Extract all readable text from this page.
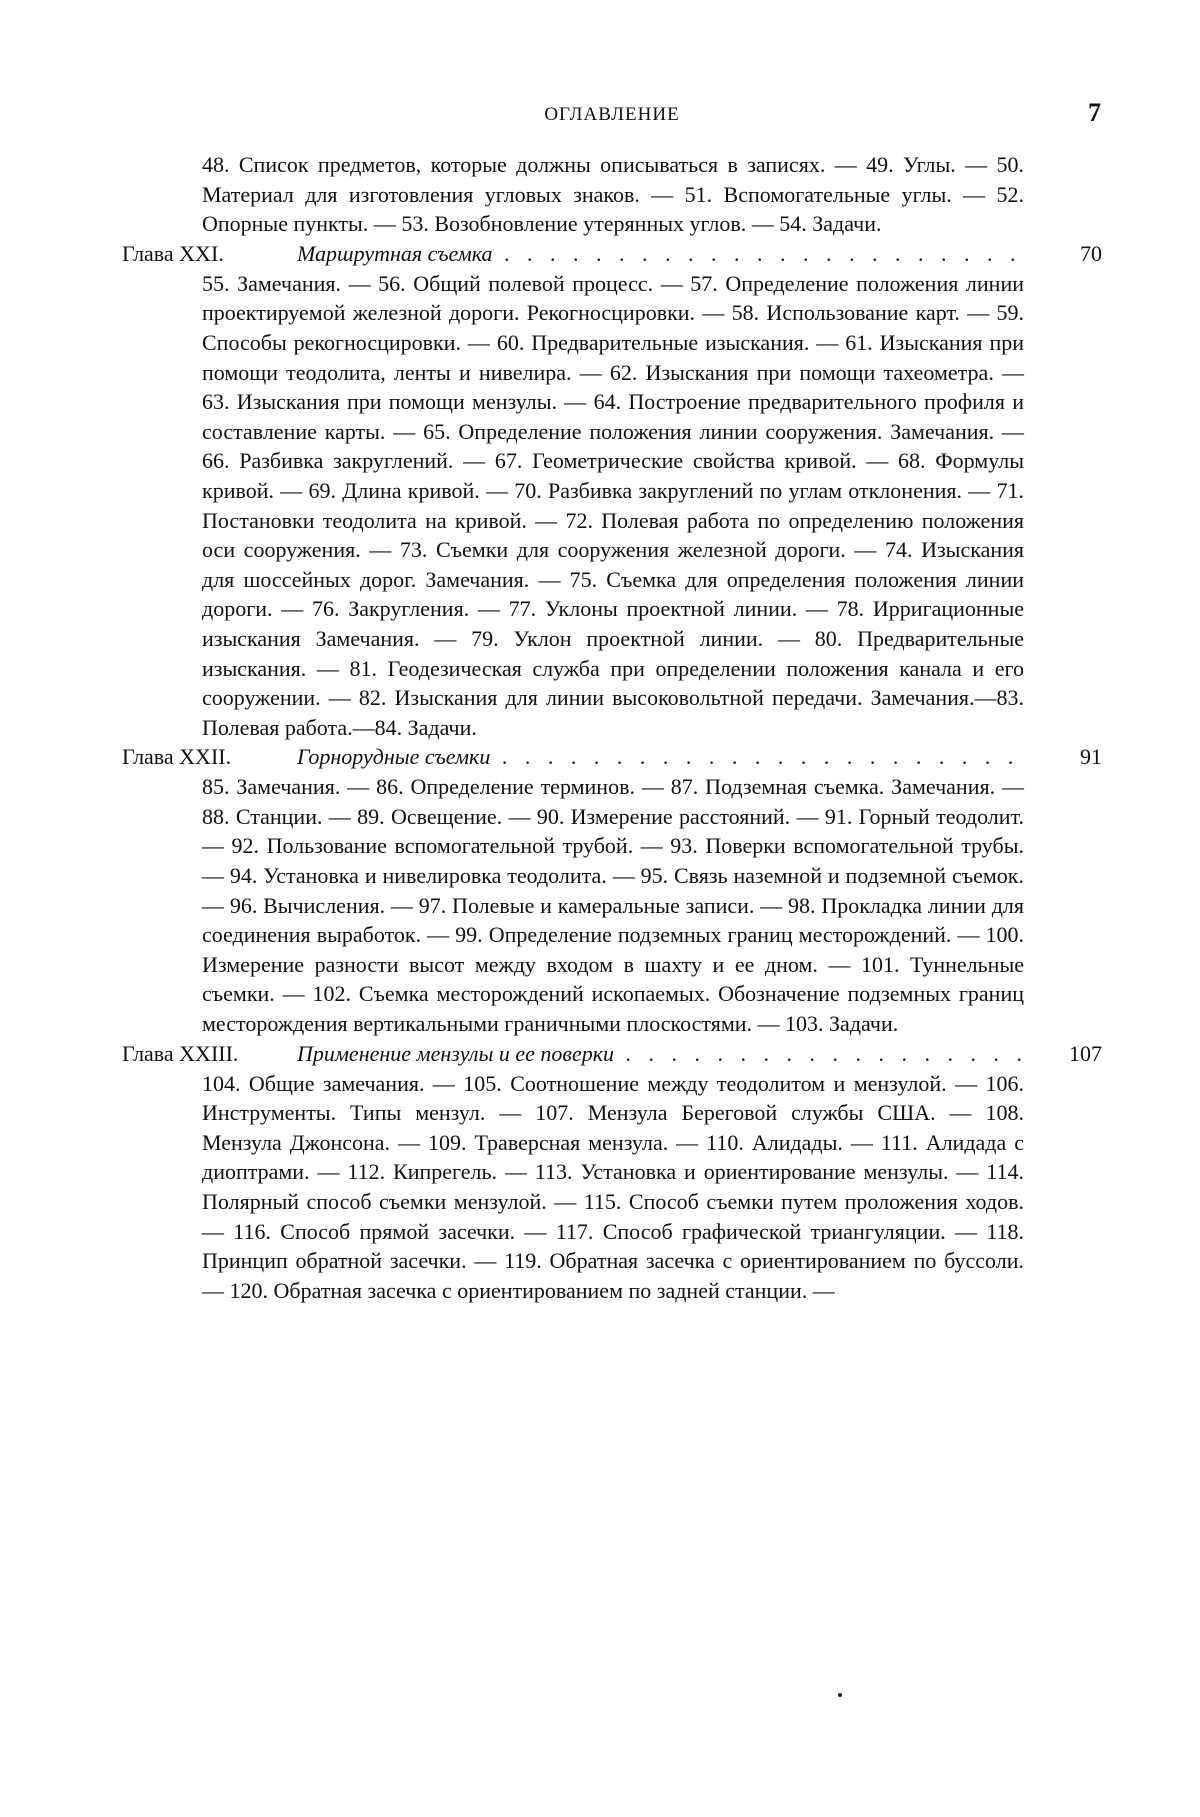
ОГЛАВЛЕНИЕ	7
48. Список предметов, которые должны описываться в записях. — 49. Углы. — 50. Материал для изготовления угловых знаков. — 51. Вспомогательные углы. — 52. Опорные пункты. — 53. Возобновление утерянных углов. — 54. Задачи.
Глава XXI.	Маршрутная съемка . . . . . . . . . . . . . . . . . . . . . . .	70
55. Замечания. — 56. Общий полевой процесс. — 57. Определение положения линии проектируемой железной дороги. Рекогносцировки. — 58. Использование карт. — 59. Способы рекогносцировки. — 60. Предварительные изыскания. — 61. Изыскания при помощи теодолита, ленты и нивелира. — 62. Изыскания при помощи тахеометра. — 63. Изыскания при помощи мензулы. — 64. Построение предварительного профиля и составление карты. — 65. Определение положения линии сооружения. Замечания. — 66. Разбивка закруглений. — 67. Геометрические свойства кривой. — 68. Формулы кривой. — 69. Длина кривой. — 70. Разбивка закруглений по углам отклонения. — 71. Постановки теодолита на кривой. — 72. Полевая работа по определению положения оси сооружения. — 73. Съемки для сооружения железной дороги. — 74. Изыскания для шоссейных дорог. Замечания. — 75. Съемка для определения положения линии дороги. — 76. Закругления. — 77. Уклоны проектной линии. — 78. Ирригационные изыскания Замечания. — 79. Уклон проектной линии. — 80. Предварительные изыскания. — 81. Геодезическая служба при определении положения канала и его сооружении. — 82. Изыскания для линии высоковольтной передачи. Замечания.—83. Полевая работа.—84. Задачи.
Глава XXII.	Горнорудные съемки . . . . . . . . . . . . . . . . . . . . . . .	91
85. Замечания. — 86. Определение терминов. — 87. Подземная съемка. Замечания. — 88. Станции. — 89. Освещение. — 90. Измерение расстояний. — 91. Горный теодолит. — 92. Пользование вспомогательной трубой. — 93. Поверки вспомогательной трубы.— 94. Установка и нивелировка теодолита. — 95. Связь наземной и подземной съемок. — 96. Вычисления. — 97. Полевые и камеральные записи. — 98. Прокладка линии для соединения выработок. — 99. Определение подземных границ месторождений. — 100. Измерение разности высот между входом в шахту и ее дном. — 101. Туннельные съемки. — 102. Съемка месторождений ископаемых. Обозначение подземных границ месторождения вертикальными граничными плоскостями. — 103. Задачи.
Глава XXIII.	Применение мензулы и ее поверки . . . . . . . . . . . . . . . . .	107
104. Общие замечания. — 105. Соотношение между теодолитом и мензулой. — 106. Инструменты. Типы мензул. — 107. Мензула Береговой службы США. — 108. Мензула Джонсона. — 109. Траверсная мензула. — 110. Алидады. — 111. Алидада с диоптрами. — 112. Кипрегель. — 113. Установка и ориентирование мензулы. — 114. Полярный способ съемки мензулой. — 115. Способ съемки путем проложения ходов. — 116. Способ прямой засечки. — 117. Способ графической триангуляции. — 118. Принцип обратной засечки. — 119. Обратная засечка с ориентированием по буссоли. — 120. Обратная засечка с ориентированием по задней станции. —
